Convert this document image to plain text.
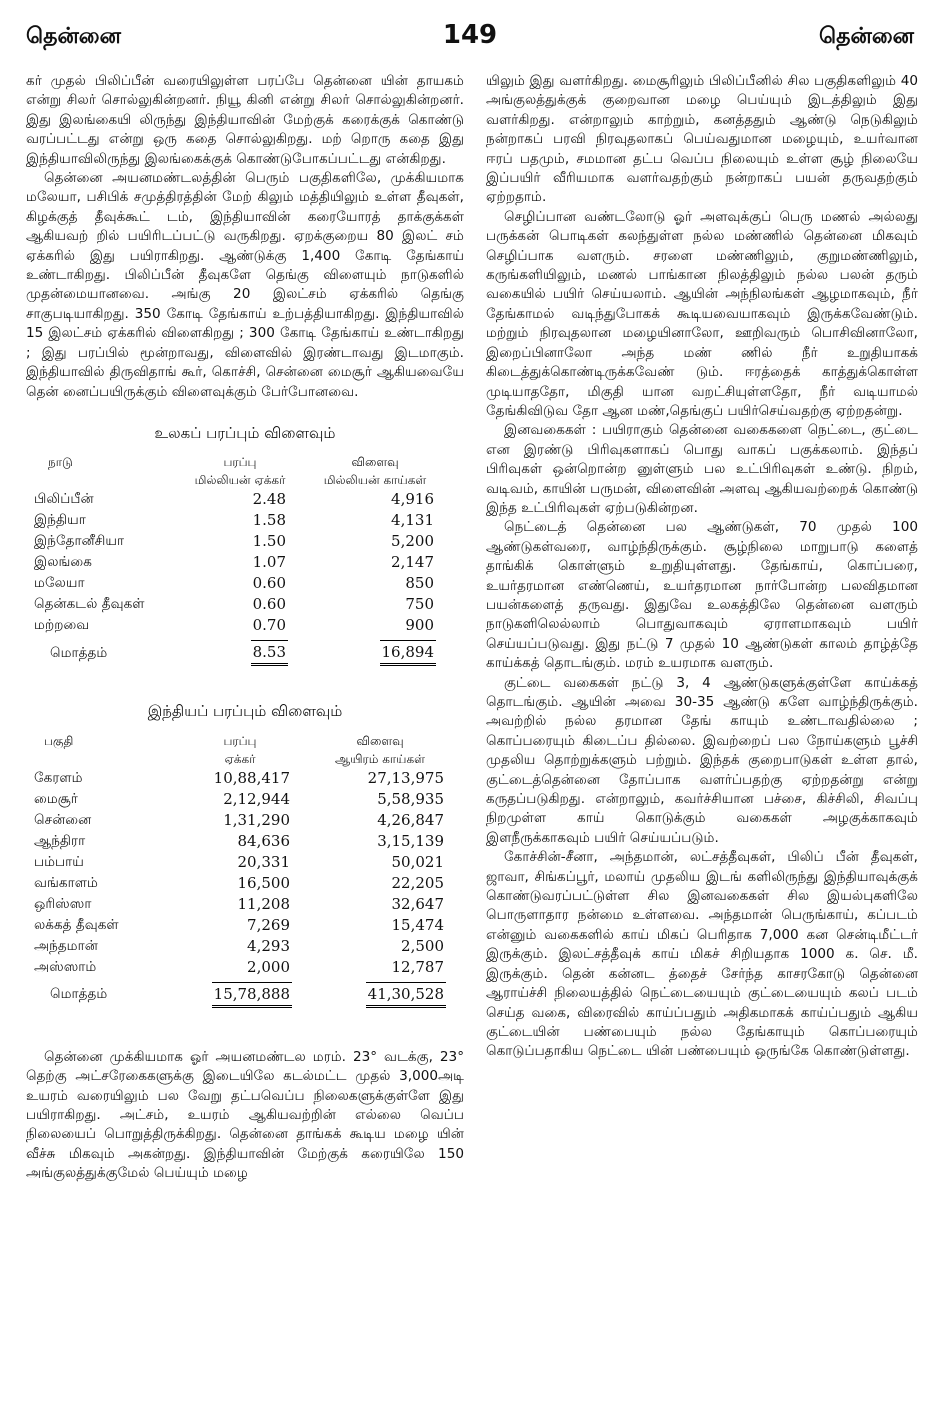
தென்னை	149	தென்னை

கர் முதல் பிலிப்பீன் வரையிலுள்ள பரப்பே தென்னை யின் தாயகம் என்று சிலர் சொல்லுகின்றனர். நியூ கினி என்று சிலர் சொல்லுகின்றனர். இது இலங்கையி லிருந்து இந்தியாவின் மேற்குக் கரைக்குக் கொண்டு வரப்பட்டது என்று ஒரு கதை சொல்லுகிறது. மற் றொரு கதை இது இந்தியாவிலிருந்து இலங்கைக்குக் கொண்டுபோகப்பட்டது என்கிறது.

தென்னை அயனமண்டலத்தின் பெரும் பகுதிகளிலே, முக்கியமாக மலேயா, பசிபிக் சமுத்திரத்தின் மேற் கிலும் மத்தியிலும் உள்ள தீவுகள், கிழக்குத் தீவுக்கூட் டம், இந்தியாவின் கரையோரத் தாக்குக்கள் ஆகியவற் றில் பயிரிடப்பட்டு வருகிறது. ஏறக்குறைய 80 இலட் சம் ஏக்கரில் இது பயிராகிறது. ஆண்டுக்கு 1,400 கோடி தேங்காய் உண்டாகிறது. பிலிப்பீன் தீவுகளே தெங்கு விளையும் நாடுகளில் முதன்மையானவை. அங்கு 20 இலட்சம் ஏக்கரில் தெங்கு சாகுபடியாகிறது. 350 கோடி தேங்காய் உற்பத்தியாகிறது. இந்தியாவில் 15 இலட்சம் ஏக்கரில் விளைகிறது ; 300 கோடி தேங்காய் உண்டாகிறது ; இது பரப்பில் மூன்றாவது, விளைவில் இரண்டாவது இடமாகும். இந்தியாவில் திருவிதாங் கூர், கொச்சி, சென்னை மைசூர் ஆகியவையே தென் னைப்பயிருக்கும் விளைவுக்கும் பேர்போனவை.

உலகப் பரப்பும் விளைவும்
நாடு	பரப்பு	விளைவு
	மில்லியன் ஏக்கர்	மில்லியன் காய்கள்
பிலிப்பீன்	2.48	4,916
இந்தியா	1.58	4,131
இந்தோனீசியா	1.50	5,200
இலங்கை	1.07	2,147
மலேயா	0.60	850
தென்கடல் தீவுகள்	0.60	750
மற்றவை	0.70	900
மொத்தம்	8.53	16,894
இந்தியப் பரப்பும் விளைவும்
பகுதி	பரப்பு	விளைவு
	ஏக்கர்	ஆயிரம் காய்கள்
கேரளம்	10,88,417	27,13,975
மைசூர்	2,12,944	5,58,935
சென்னை	1,31,290	4,26,847
ஆந்திரா	84,636	3,15,139
பம்பாய்	20,331	50,021
வங்காளம்	16,500	22,205
ஒரிஸ்ஸா	11,208	32,647
லக்கத் தீவுகள்	7,269	15,474
அந்தமான்	4,293	2,500
அஸ்ஸாம்	2,000	12,787
மொத்தம்	15,78,888	41,30,528

தென்னை முக்கியமாக ஓர் அயனமண்டல மரம். 23° வடக்கு, 23° தெற்கு அட்சரேகைகளுக்கு இடையிலே கடல்மட்ட முதல் 3,000அடி உயரம் வரையிலும் பல வேறு தட்பவெப்ப நிலைகளுக்குள்ளே இது பயிராகிறது. அட்சம், உயரம் ஆகியவற்றின் எல்லை வெப்ப நிலையைப் பொறுத்திருக்கிறது. தென்னை தாங்கக் கூடிய மழை யின் வீச்சு மிகவும் அகன்றது. இந்தியாவின் மேற்குக் கரையிலே 150 அங்குலத்துக்குமேல் பெய்யும் மழை

யிலும் இது வளர்கிறது. மைசூரிலும் பிலிப்பீனில் சில பகுதிகளிலும் 40 அங்குலத்துக்குக் குறைவான மழை பெய்யும் இடத்திலும் இது வளர்கிறது. என்றாலும் காற்றும், கனத்ததும் ஆண்டு நெடுகிலும் நன்றாகப் பரவி நிரவுதலாகப் பெய்வதுமான மழையும், உயர்வான ஈரப் பதமும், சமமான தட்ப வெப்ப நிலையும் உள்ள சூழ் நிலையே இப்பயிர் வீரியமாக வளர்வதற்கும் நன்றாகப் பயன் தருவதற்கும் ஏற்றதாம்.

செழிப்பான வண்டலோடு ஓர் அளவுக்குப் பெரு மணல் அல்லது பருக்கன் பொடிகள் கலந்துள்ள நல்ல மண்ணில் தென்னை மிகவும் செழிப்பாக வளரும். சரளை மண்ணிலும், குறுமண்ணிலும், கருங்களியிலும், மணல் பாங்கான நிலத்திலும் நல்ல பலன் தரும் வகையில் பயிர் செய்யலாம். ஆயின் அந்நிலங்கள் ஆழமாகவும், நீர் தேங்காமல் வடிந்துபோகக் கூடியவையாகவும் இருக்கவேண்டும். மற்றும் நிரவுதலான மழையினாலோ, ஊறிவரும் பொசிவினாலோ, இறைப்பினாலோ அந்த மண் ணில் நீர் உறுதியாகக் கிடைத்துக்கொண்டிருக்கவேண் டும். ஈரத்தைக் காத்துக்கொள்ள முடியாததோ, மிகுதி யான வறட்சியுள்ளதோ, நீர் வடியாமல் தேங்கிவிடுவ தோ ஆன மண்,தெங்குப் பயிர்செய்வதற்கு ஏற்றதன்று.

இனவகைகள் : பயிராகும் தென்னை வகைகளை நெட்டை, குட்டை என இரண்டு பிரிவுகளாகப் பொது வாகப் பகுக்கலாம். இந்தப் பிரிவுகள் ஒன்றொன்ற னுள்ளும் பல உட்பிரிவுகள் உண்டு. நிறம், வடிவம், காயின் பருமன், விளைவின் அளவு ஆகியவற்றைக் கொண்டு இந்த உட்பிரிவுகள் ஏற்படுகின்றன.

நெட்டைத் தென்னை பல ஆண்டுகள், 70 முதல் 100 ஆண்டுகள்வரை, வாழ்ந்திருக்கும். சூழ்நிலை மாறுபாடு களைத் தாங்கிக் கொள்ளும் உறுதியுள்ளது. தேங்காய், கொப்பரை, உயர்தரமான எண்ணெய், உயர்தரமான நார்போன்ற பலவிதமான பயன்களைத் தருவது. இதுவே உலகத்திலே தென்னை வளரும் நாடுகளிலெல்லாம் பொதுவாகவும் ஏராளமாகவும் பயிர் செய்யப்படுவது. இது நட்டு 7 முதல் 10 ஆண்டுகள் காலம் தாழ்த்தே காய்க்கத் தொடங்கும். மரம் உயரமாக வளரும்.

குட்டை வகைகள் நட்டு 3, 4 ஆண்டுகளுக்குள்ளே காய்க்கத் தொடங்கும். ஆயின் அவை 30-35 ஆண்டு களே வாழ்ந்திருக்கும். அவற்றில் நல்ல தரமான தேங் காயும் உண்டாவதில்லை ; கொப்பரையும் கிடைப்ப தில்லை. இவற்றைப் பல நோய்களும் பூச்சி முதலிய தொற்றுக்களும் பற்றும். இந்தக் குறைபாடுகள் உள்ள தால், குட்டைத்தென்னை தோப்பாக வளர்ப்பதற்கு ஏற்றதன்று என்று கருதப்படுகிறது. என்றாலும், கவர்ச்சியான பச்சை, கிச்சிலி, சிவப்பு நிறமுள்ள காய் கொடுக்கும் வகைகள் அழகுக்காகவும் இளநீருக்காகவும் பயிர் செய்யப்படும்.

கோச்சின்-சீனா, அந்தமான், லட்சத்தீவுகள், பிலிப் பீன் தீவுகள், ஜாவா, சிங்கப்பூர், மலாய் முதலிய இடங் களிலிருந்து இந்தியாவுக்குக் கொண்டுவரப்பட்டுள்ள சில இனவகைகள் சில இயல்புகளிலே பொருளாதார நன்மை உள்ளவை. அந்தமான் பெருங்காய், கப்படம் என்னும் வகைகளில் காய் மிகப் பெரிதாக 7,000 கன சென்டிமீட்டர் இருக்கும். இலட்சத்தீவுக் காய் மிகச் சிறியதாக 1000 க. செ. மீ. இருக்கும். தென் கன்னட த்தைச் சேர்ந்த காசரகோடு தென்னை ஆராய்ச்சி நிலையத்தில் நெட்டையையும் குட்டையையும் கலப் படம் செய்த வகை, விரைவில் காய்ப்பதும் அதிகமாகக் காய்ப்பதும் ஆகிய குட்டையின் பண்பையும் நல்ல தேங்காயும் கொப்பரையும் கொடுப்பதாகிய நெட்டை யின் பண்பையும் ஒருங்கே கொண்டுள்ளது.
